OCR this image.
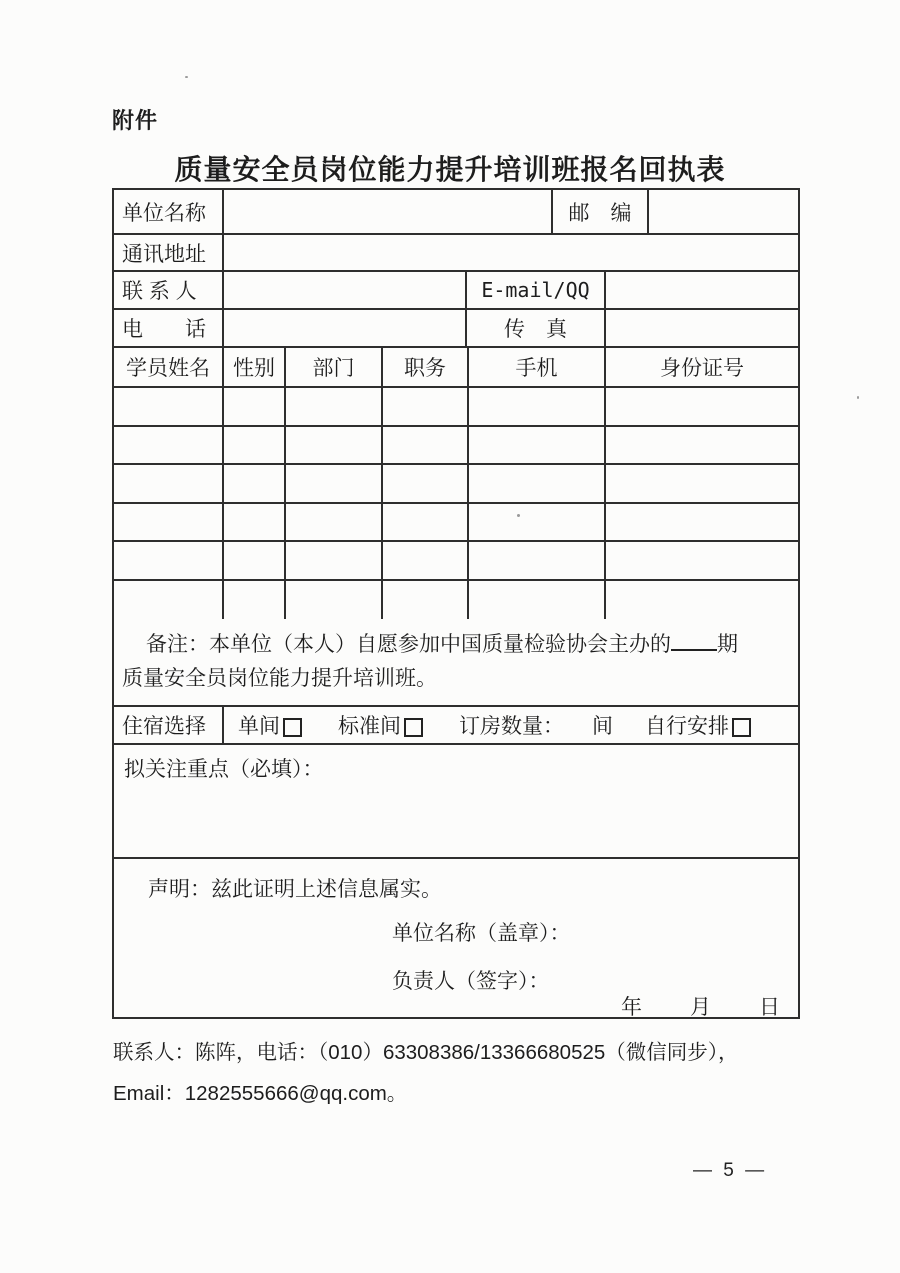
附件
质量安全员岗位能力提升培训班报名回执表
单位名称	邮　编
通讯地址
联 系 人	E-mail/QQ
电　　话	传　真
学员姓名	性别	部门	职务	手机	身份证号
备注：本单位（本人）自愿参加中国质量检验协会主办的 期
质量安全员岗位能力提升培训班。
住宿选择	单间	标准间	订房数量： 间 自行安排
拟关注重点（必填）：
声明：兹此证明上述信息属实。
单位名称（盖章）：
负责人（签字）：
年　　月　　日
联系人：陈阵，电话：（010）63308386/13366680525（微信同步），
Email：1282555666@qq.com。
— 5 —
